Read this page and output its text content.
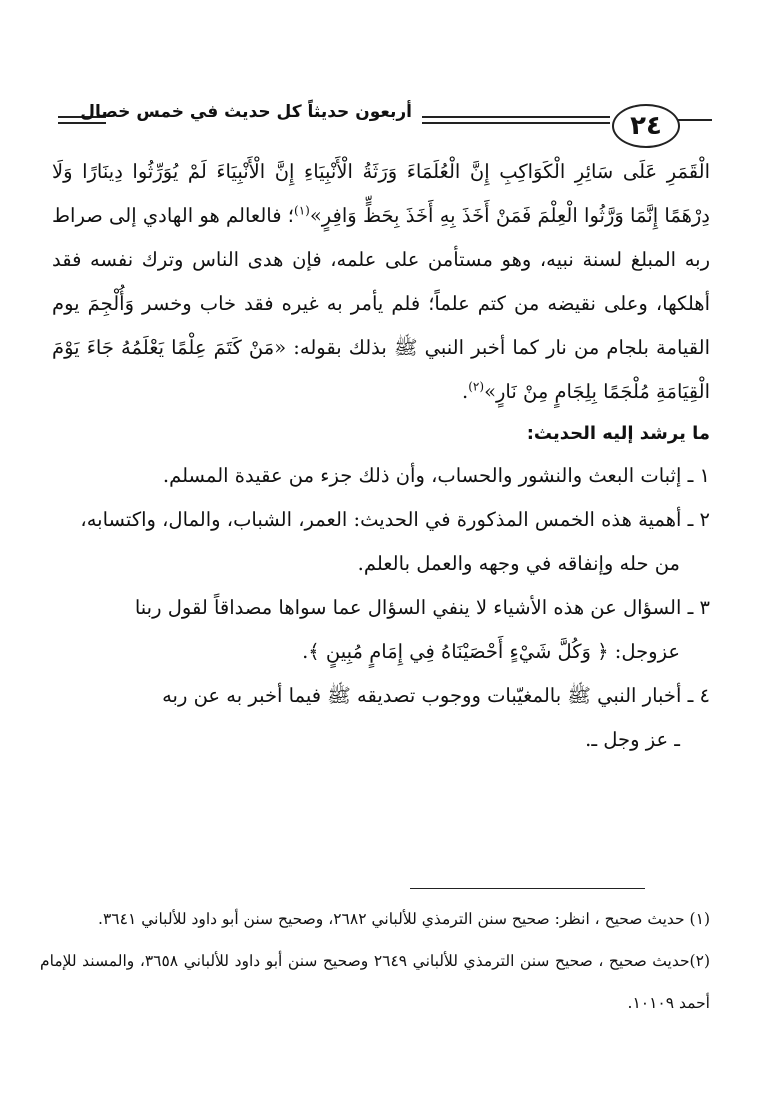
أربعون حديثاً كل حديث في خمس خصال	٢٤

الْقَمَرِ عَلَى سَائِرِ الْكَوَاكِبِ إِنَّ الْعُلَمَاءَ وَرَثَةُ الْأَنْبِيَاءِ إِنَّ الْأَنْبِيَاءَ لَمْ يُوَرِّثُوا دِينَارًا وَلَا دِرْهَمًا إِنَّمَا وَرَّثُوا الْعِلْمَ فَمَنْ أَخَذَ بِهِ أَخَذَ بِحَظٍّ وَافِرٍ»$^{(١)}$؛ فالعالم هو الهادي إلى صراط ربه المبلغ لسنة نبيه، وهو مستأمن على علمه، فإن هدى الناس وترك نفسه فقد أهلكها، وعلى نقيضه من كتم علماً؛ فلم يأمر به غيره فقد خاب وخسر وَأُلْجِمَ يوم القيامة بلجام من نار كما أخبر النبي ﷺ بذلك بقوله: «مَنْ كَتَمَ عِلْمًا يَعْلَمُهُ جَاءَ يَوْمَ الْقِيَامَةِ مُلْجَمًا بِلِجَامٍ مِنْ نَارٍ»$^{(٢)}$.

ما يرشد إليه الحديث:

١ ـ إثبات البعث والنشور والحساب، وأن ذلك جزء من عقيدة المسلم.

٢ ـ أهمية هذه الخمس المذكورة في الحديث: العمر، الشباب، والمال، واكتسابه،
من حله وإنفاقه في وجهه والعمل بالعلم.

٣ ـ السؤال عن هذه الأشياء لا ينفي السؤال عما سواها مصداقاً لقول ربنا
عزوجل: ﴿ وَكُلَّ شَيْءٍ أَحْصَيْنَاهُ فِي إِمَامٍ مُبِينٍ ﴾.

٤ ـ أخبار النبي ﷺ بالمغيّبات ووجوب تصديقه ﷺ فيما أخبر به عن ربه
ـ عز وجل ـ.

(١) حديث صحيح ، انظر: صحيح سنن الترمذي للألباني ٢٦٨٢، وصحيح سنن أبو داود للألباني ٣٦٤١.

(٢)حديث صحيح ، صحيح سنن الترمذي للألباني ٢٦٤٩ وصحيح سنن أبو داود للألباني ٣٦٥٨، والمسند للإمام أحمد ١٠١٠٩.
